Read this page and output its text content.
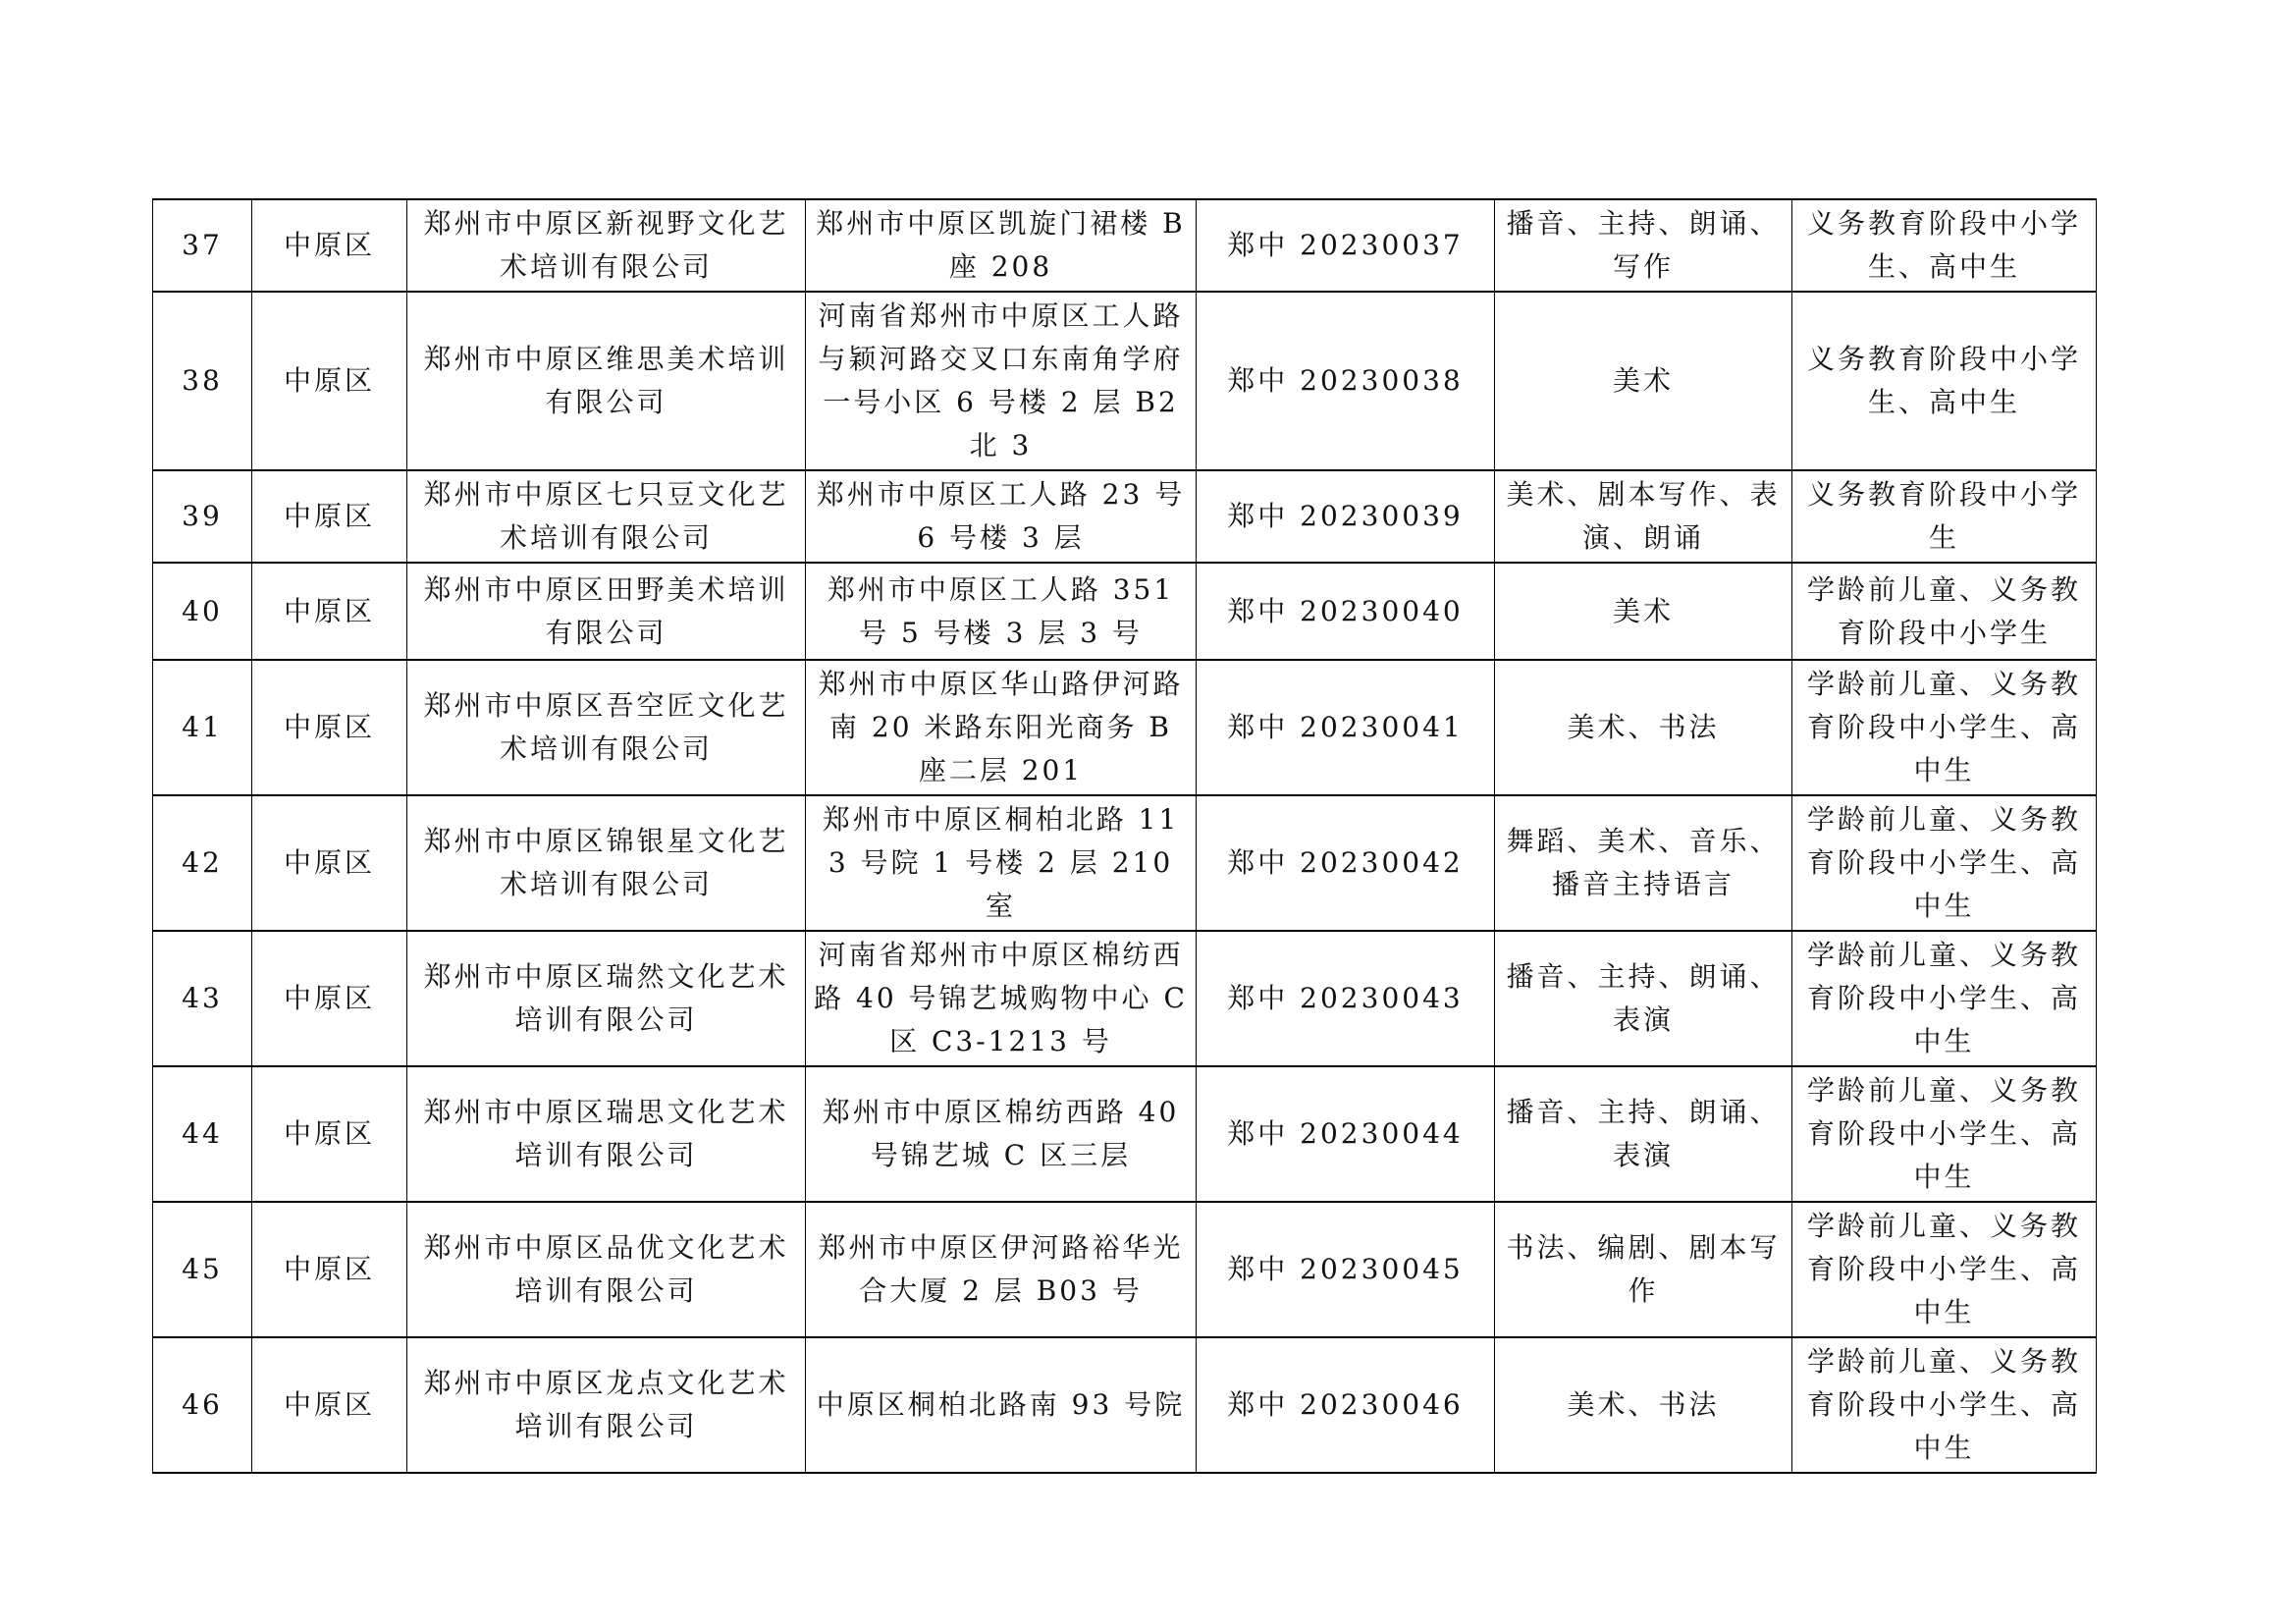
37	中原区	郑州市中原区新视野文化艺术培训有限公司	郑州市中原区凯旋门裙楼 B 座 208	郑中 20230037	播音、主持、朗诵、写作	义务教育阶段中小学生、高中生
38	中原区	郑州市中原区维思美术培训有限公司	河南省郑州市中原区工人路与颖河路交叉口东南角学府一号小区 6 号楼 2 层 B2 北 3	郑中 20230038	美术	义务教育阶段中小学生、高中生
39	中原区	郑州市中原区七只豆文化艺术培训有限公司	郑州市中原区工人路 23 号 6 号楼 3 层	郑中 20230039	美术、剧本写作、表演、朗诵	义务教育阶段中小学生
40	中原区	郑州市中原区田野美术培训有限公司	郑州市中原区工人路 351 号 5 号楼 3 层 3 号	郑中 20230040	美术	学龄前儿童、义务教育阶段中小学生
41	中原区	郑州市中原区吾空匠文化艺术培训有限公司	郑州市中原区华山路伊河路南 20 米路东阳光商务 B 座二层 201	郑中 20230041	美术、书法	学龄前儿童、义务教育阶段中小学生、高中生
42	中原区	郑州市中原区锦银星文化艺术培训有限公司	郑州市中原区桐柏北路 113 号院 1 号楼 2 层 210 室	郑中 20230042	舞蹈、美术、音乐、播音主持语言	学龄前儿童、义务教育阶段中小学生、高中生
43	中原区	郑州市中原区瑞然文化艺术培训有限公司	河南省郑州市中原区棉纺西路 40 号锦艺城购物中心 C 区 C3-1213 号	郑中 20230043	播音、主持、朗诵、表演	学龄前儿童、义务教育阶段中小学生、高中生
44	中原区	郑州市中原区瑞思文化艺术培训有限公司	郑州市中原区棉纺西路 40 号锦艺城 C 区三层	郑中 20230044	播音、主持、朗诵、表演	学龄前儿童、义务教育阶段中小学生、高中生
45	中原区	郑州市中原区品优文化艺术培训有限公司	郑州市中原区伊河路裕华光合大厦 2 层 B03 号	郑中 20230045	书法、编剧、剧本写作	学龄前儿童、义务教育阶段中小学生、高中生
46	中原区	郑州市中原区龙点文化艺术培训有限公司	中原区桐柏北路南 93 号院	郑中 20230046	美术、书法	学龄前儿童、义务教育阶段中小学生、高中生
